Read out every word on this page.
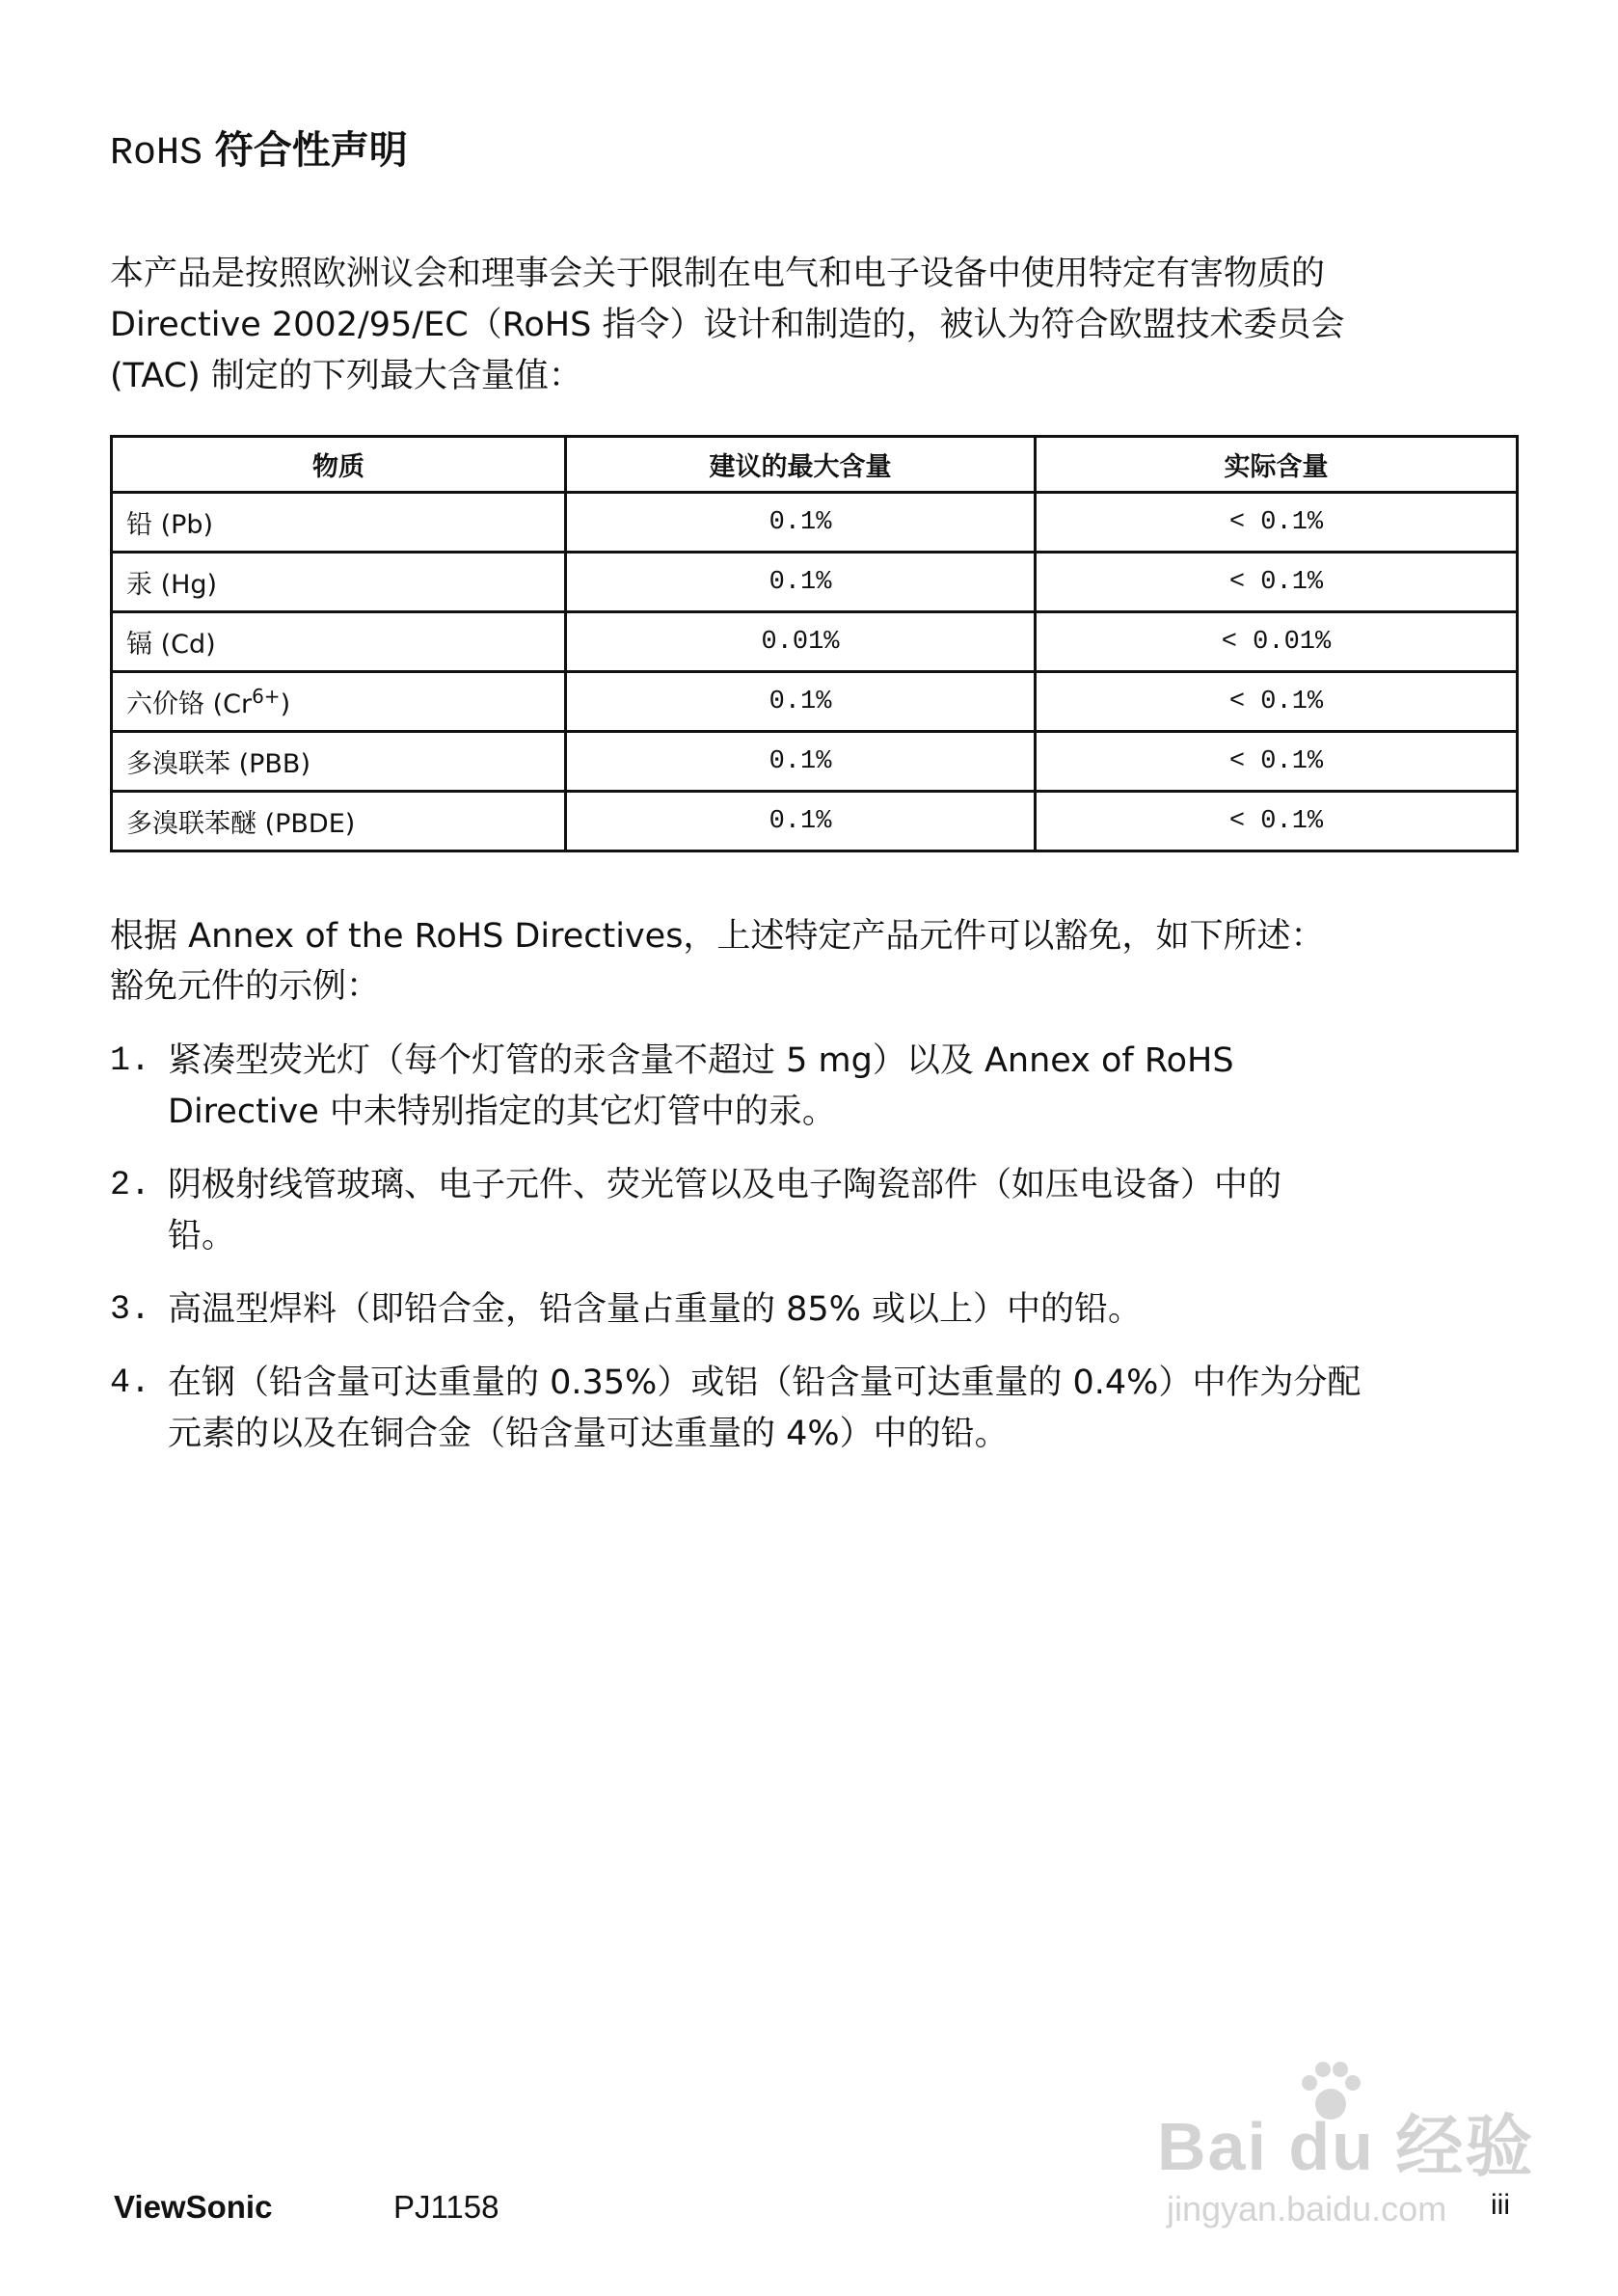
RoHS 符合性声明
本产品是按照欧洲议会和理事会关于限制在电气和电子设备中使用特定有害物质的
Directive 2002/95/EC（RoHS 指令）设计和制造的，被认为符合欧盟技术委员会
(TAC) 制定的下列最大含量值：
物质	建议的最大含量	实际含量
铅 (Pb)	0.1%	< 0.1%
汞 (Hg)	0.1%	< 0.1%
镉 (Cd)	0.01%	< 0.01%
六价铬 $(Cr^{6+})$	0.1%	< 0.1%
多溴联苯 (PBB)	0.1%	< 0.1%
多溴联苯醚 (PBDE)	0.1%	< 0.1%
根据 Annex of the RoHS Directives，上述特定产品元件可以豁免，如下所述：
豁免元件的示例：
1. 紧凑型荧光灯（每个灯管的汞含量不超过 5 mg）以及 Annex of RoHS
Directive 中未特别指定的其它灯管中的汞。
2. 阴极射线管玻璃、电子元件、荧光管以及电子陶瓷部件（如压电设备）中的
铅。
3. 高温型焊料（即铅合金，铅含量占重量的 85% 或以上）中的铅。
4. 在钢（铅含量可达重量的 0.35%）或铝（铅含量可达重量的 0.4%）中作为分配
元素的以及在铜合金（铅含量可达重量的 4%）中的铅。
ViewSonic	PJ1158	iii
Bai du 经验
jingyan.baidu.com
